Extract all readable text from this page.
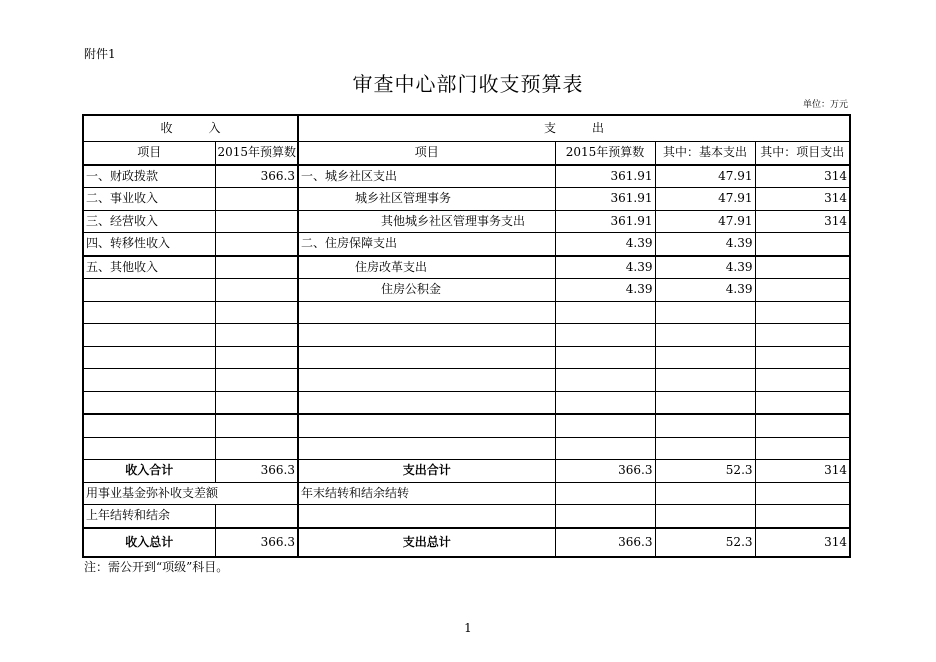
附件1
审查中心部门收支预算表
单位：万元
收　　　入		支　　　出			
项目	2015年预算数	项目	2015年预算数	其中：基本支出	其中：项目支出
一、财政拨款	366.3	一、城乡社区支出	361.91	47.91	314
二、事业收入		城乡社区管理事务	361.91	47.91	314
三、经营收入		其他城乡社区管理事务支出	361.91	47.91	314
四、转移性收入		二、住房保障支出	4.39	4.39	
五、其他收入		住房改革支出	4.39	4.39	
		住房公积金	4.39	4.39	

收入合计	366.3	支出合计	366.3	52.3	314
用事业基金弥补收支差额		年末结转和结余结转			
上年结转和结余					
收入总计	366.3	支出总计	366.3	52.3	314
注：需公开到“项级”科目。
1
